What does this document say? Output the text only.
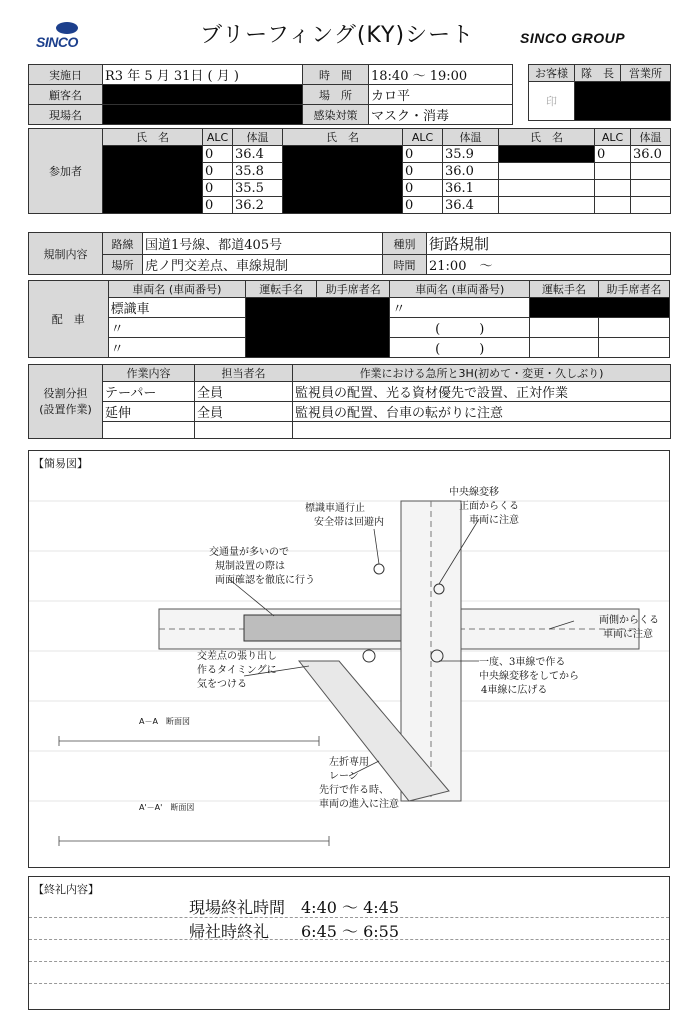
SINCO	ブリーフィング(KY)シート	SINCO GROUP
実施日	R3 年 5 月 31日 ( 月 )	時　間	18:40 ～ 19:00
顧客名		場　所	カロ平
現場名		感染対策	マスク・消毒
お客様	隊　長	営業所
印		
参加者	氏　名	ALC	体温	氏　名	ALC	体温	氏　名	ALC	体温
		0	36.4		0	35.9		0	36.0
		0	35.8		0	36.0			
		0	35.5		0	36.1			
		0	36.2		0	36.4			
規制内容	路線	国道1号線、都道405号	種別	街路規制
	場所	虎ノ門交差点、車線規制	時間	21:00　～
配　車	車両名 (車両番号)	運転手名	助手席者名	車両名 (車両番号)	運転手名	助手席者名
	標識車			〃		
	〃			(　　　)		
	〃			(　　　)		
役割分担
(設置作業)	作業内容	担当者名	作業における急所と3H(初めて・変更・久しぶり)
	テーパー	全員	監視員の配置、光る資材優先で設置、正対作業
	延伸	全員	監視員の配置、台車の転がりに注意

【簡易図】
標識車通行止
安全帯は回避内
中央線変移
正面からくる
車両に注意
交通量が多いので
規制設置の際は
両面確認を徹底に行う
両側からくる
車両に注意
一度、3車線で作る
中央線変移をしてから
4車線に広げる
交差点の張り出し
作るタイミングに
気をつける
左折専用
レーン
先行で作る時、
車両の進入に注意
A－A　断面図
A'－A'　断面図
【終礼内容】
現場終礼時間　4:40 ～ 4:45
帰社時終礼　　6:45 ～ 6:55
